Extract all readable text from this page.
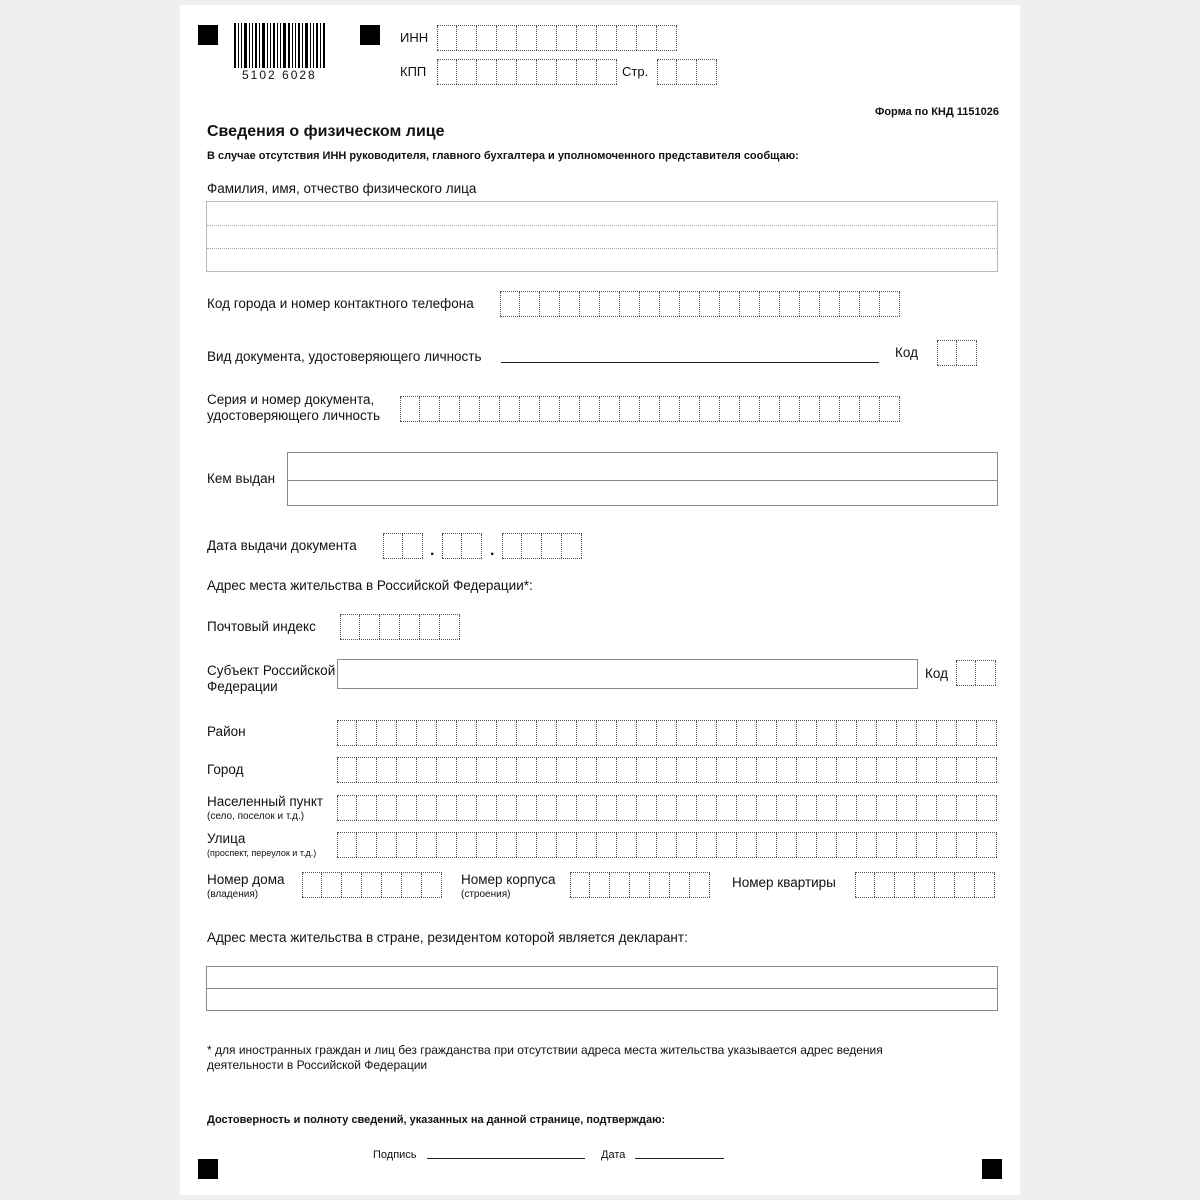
5102 6028
ИНН
КПП	Стр.
Форма по КНД 1151026
Сведения о физическом лице
В случае отсутствия ИНН руководителя, главного бухгалтера и уполномоченного представителя сообщаю:
Фамилия, имя, отчество физического лица
Код города и номер контактного телефона
Вид документа, удостоверяющего личность	Код
Серия и номер документа,
удостоверяющего личность
Кем выдан
Дата выдачи документа	.	.
Адрес места жительства в Российской Федерации*:
Почтовый индекс
Субъект Российской
Федерации
Код
Район
Город
Населенный пункт
(село, поселок и т.д.)
Улица
(проспект, переулок и т.д.)
Номер дома
(владения)
Номер корпуса
(строения)
Номер квартиры
Адрес места жительства в стране, резидентом которой является декларант:
* для иностранных граждан и лиц без гражданства при отсутствии адреса места жительства указывается адрес ведения
деятельности в Российской Федерации
Достоверность и полноту сведений, указанных на данной странице, подтверждаю:
Подпись	Дата
